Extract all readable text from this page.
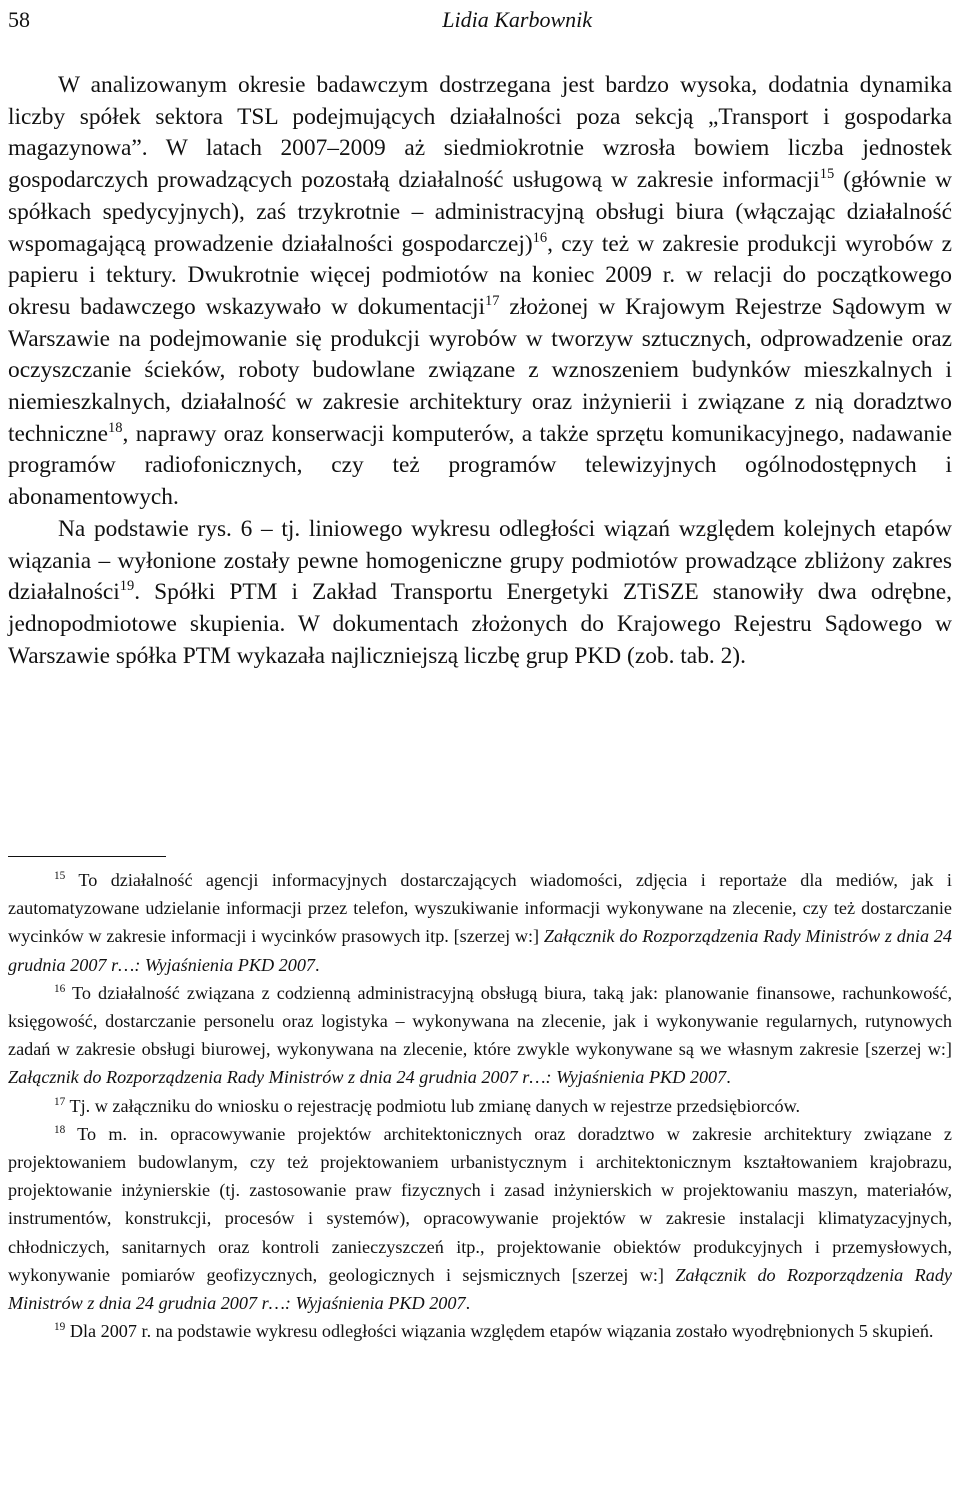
58	Lidia Karbownik

W analizowanym okresie badawczym dostrzegana jest bardzo wysoka, dodatnia dynamika liczby spółek sektora TSL podejmujących działalności poza sekcją „Transport i gospodarka magazynowa”. W latach 2007–2009 aż siedmiokrotnie wzrosła bowiem liczba jednostek gospodarczych prowadzących pozostałą działalność usługową w zakresie informacji$^{15}$ (głównie w spółkach spedycyjnych), zaś trzykrotnie – administracyjną obsługi biura (włączając działalność wspomagającą prowadzenie działalności gospodarczej)$^{16}$, czy też w zakresie produkcji wyrobów z papieru i tektury. Dwukrotnie więcej podmiotów na koniec 2009 r. w relacji do początkowego okresu badawczego wskazywało w dokumentacji$^{17}$ złożonej w Krajowym Rejestrze Sądowym w Warszawie na podejmowanie się produkcji wyrobów w tworzyw sztucznych, odprowadzenie oraz oczyszczanie ścieków, roboty budowlane związane z wznoszeniem budynków mieszkalnych i niemieszkalnych, działalność w zakresie architektury oraz inżynierii i związane z nią doradztwo techniczne$^{18}$, naprawy oraz konserwacji komputerów, a także sprzętu komunikacyjnego, nadawanie programów radiofonicznych, czy też programów telewizyjnych ogólnodostępnych i abonamentowych.

Na podstawie rys. 6 – tj. liniowego wykresu odległości wiązań względem kolejnych etapów wiązania – wyłonione zostały pewne homogeniczne grupy podmiotów prowadzące zbliżony zakres działalności$^{19}$. Spółki PTM i Zakład Transportu Energetyki ZTiSZE stanowiły dwa odrębne, jednopodmiotowe skupienia. W dokumentach złożonych do Krajowego Rejestru Sądowego w Warszawie spółka PTM wykazała najliczniejszą liczbę grup PKD (zob. tab. 2).

$^{15}$ To działalność agencji informacyjnych dostarczających wiadomości, zdjęcia i reportaże dla mediów, jak i zautomatyzowane udzielanie informacji przez telefon, wyszukiwanie informacji wykonywane na zlecenie, czy też dostarczanie wycinków w zakresie informacji i wycinków prasowych itp. [szerzej w:] Załącznik do Rozporządzenia Rady Ministrów z dnia 24 grudnia 2007 r…: Wyjaśnienia PKD 2007.

$^{16}$ To działalność związana z codzienną administracyjną obsługą biura, taką jak: planowanie finansowe, rachunkowość, księgowość, dostarczanie personelu oraz logistyka – wykonywana na zlecenie, jak i wykonywanie regularnych, rutynowych zadań w zakresie obsługi biurowej, wykonywana na zlecenie, które zwykle wykonywane są we własnym zakresie [szerzej w:] Załącznik do Rozporządzenia Rady Ministrów z dnia 24 grudnia 2007 r…: Wyjaśnienia PKD 2007.

$^{17}$ Tj. w załączniku do wniosku o rejestrację podmiotu lub zmianę danych w rejestrze przedsiębiorców.

$^{18}$ To m. in. opracowywanie projektów architektonicznych oraz doradztwo w zakresie architektury związane z projektowaniem budowlanym, czy też projektowaniem urbanistycznym i architektonicznym kształtowaniem krajobrazu, projektowanie inżynierskie (tj. zastosowanie praw fizycznych i zasad inżynierskich w projektowaniu maszyn, materiałów, instrumentów, konstrukcji, procesów i systemów), opracowywanie projektów w zakresie instalacji klimatyzacyjnych, chłodniczych, sanitarnych oraz kontroli zanieczyszczeń itp., projektowanie obiektów produkcyjnych i przemysłowych, wykonywanie pomiarów geofizycznych, geologicznych i sejsmicznych [szerzej w:] Załącznik do Rozporządzenia Rady Ministrów z dnia 24 grudnia 2007 r…: Wyjaśnienia PKD 2007.

$^{19}$ Dla 2007 r. na podstawie wykresu odległości wiązania względem etapów wiązania zostało wyodrębnionych 5 skupień.
